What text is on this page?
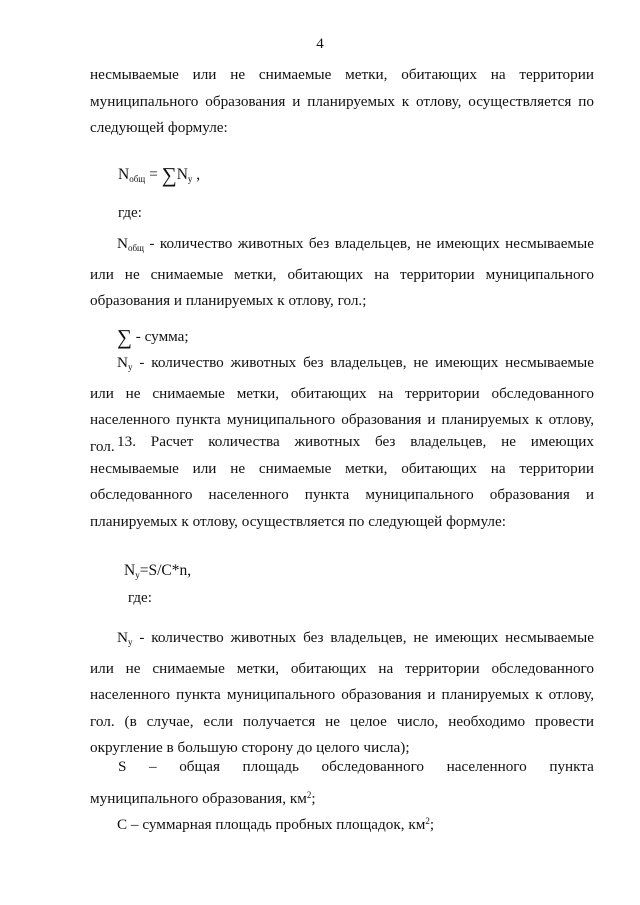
4
несмываемые или не снимаемые метки, обитающих на территории муниципального образования и планируемых к отлову, осуществляется по следующей формуле:
$N_{общ} = \sum N_у$ ,
где:
$N_{общ}$ - количество животных без владельцев, не имеющих несмываемые или не снимаемые метки, обитающих на территории муниципального образования и планируемых к отлову, гол.;
∑ - сумма;
$N_у$ - количество животных без владельцев, не имеющих несмываемые или не снимаемые метки, обитающих на территории обследованного населенного пункта муниципального образования и планируемых к отлову, гол. 13. Расчет количества животных без владельцев, не имеющих несмываемые или не снимаемые метки, обитающих на территории обследованного населенного пункта муниципального образования и планируемых к отлову, осуществляется по следующей формуле:
$N_у=S/C*n$,
где:
$N_у$ - количество животных без владельцев, не имеющих несмываемые или не снимаемые метки, обитающих на территории обследованного населенного пункта муниципального образования и планируемых к отлову, гол. (в случае, если получается не целое число, необходимо провести округление в большую сторону до целого числа);
S – общая площадь обследованного населенного пункта
муниципального образования, $км^2$;
С – суммарная площадь пробных площадок, $км^2$;
